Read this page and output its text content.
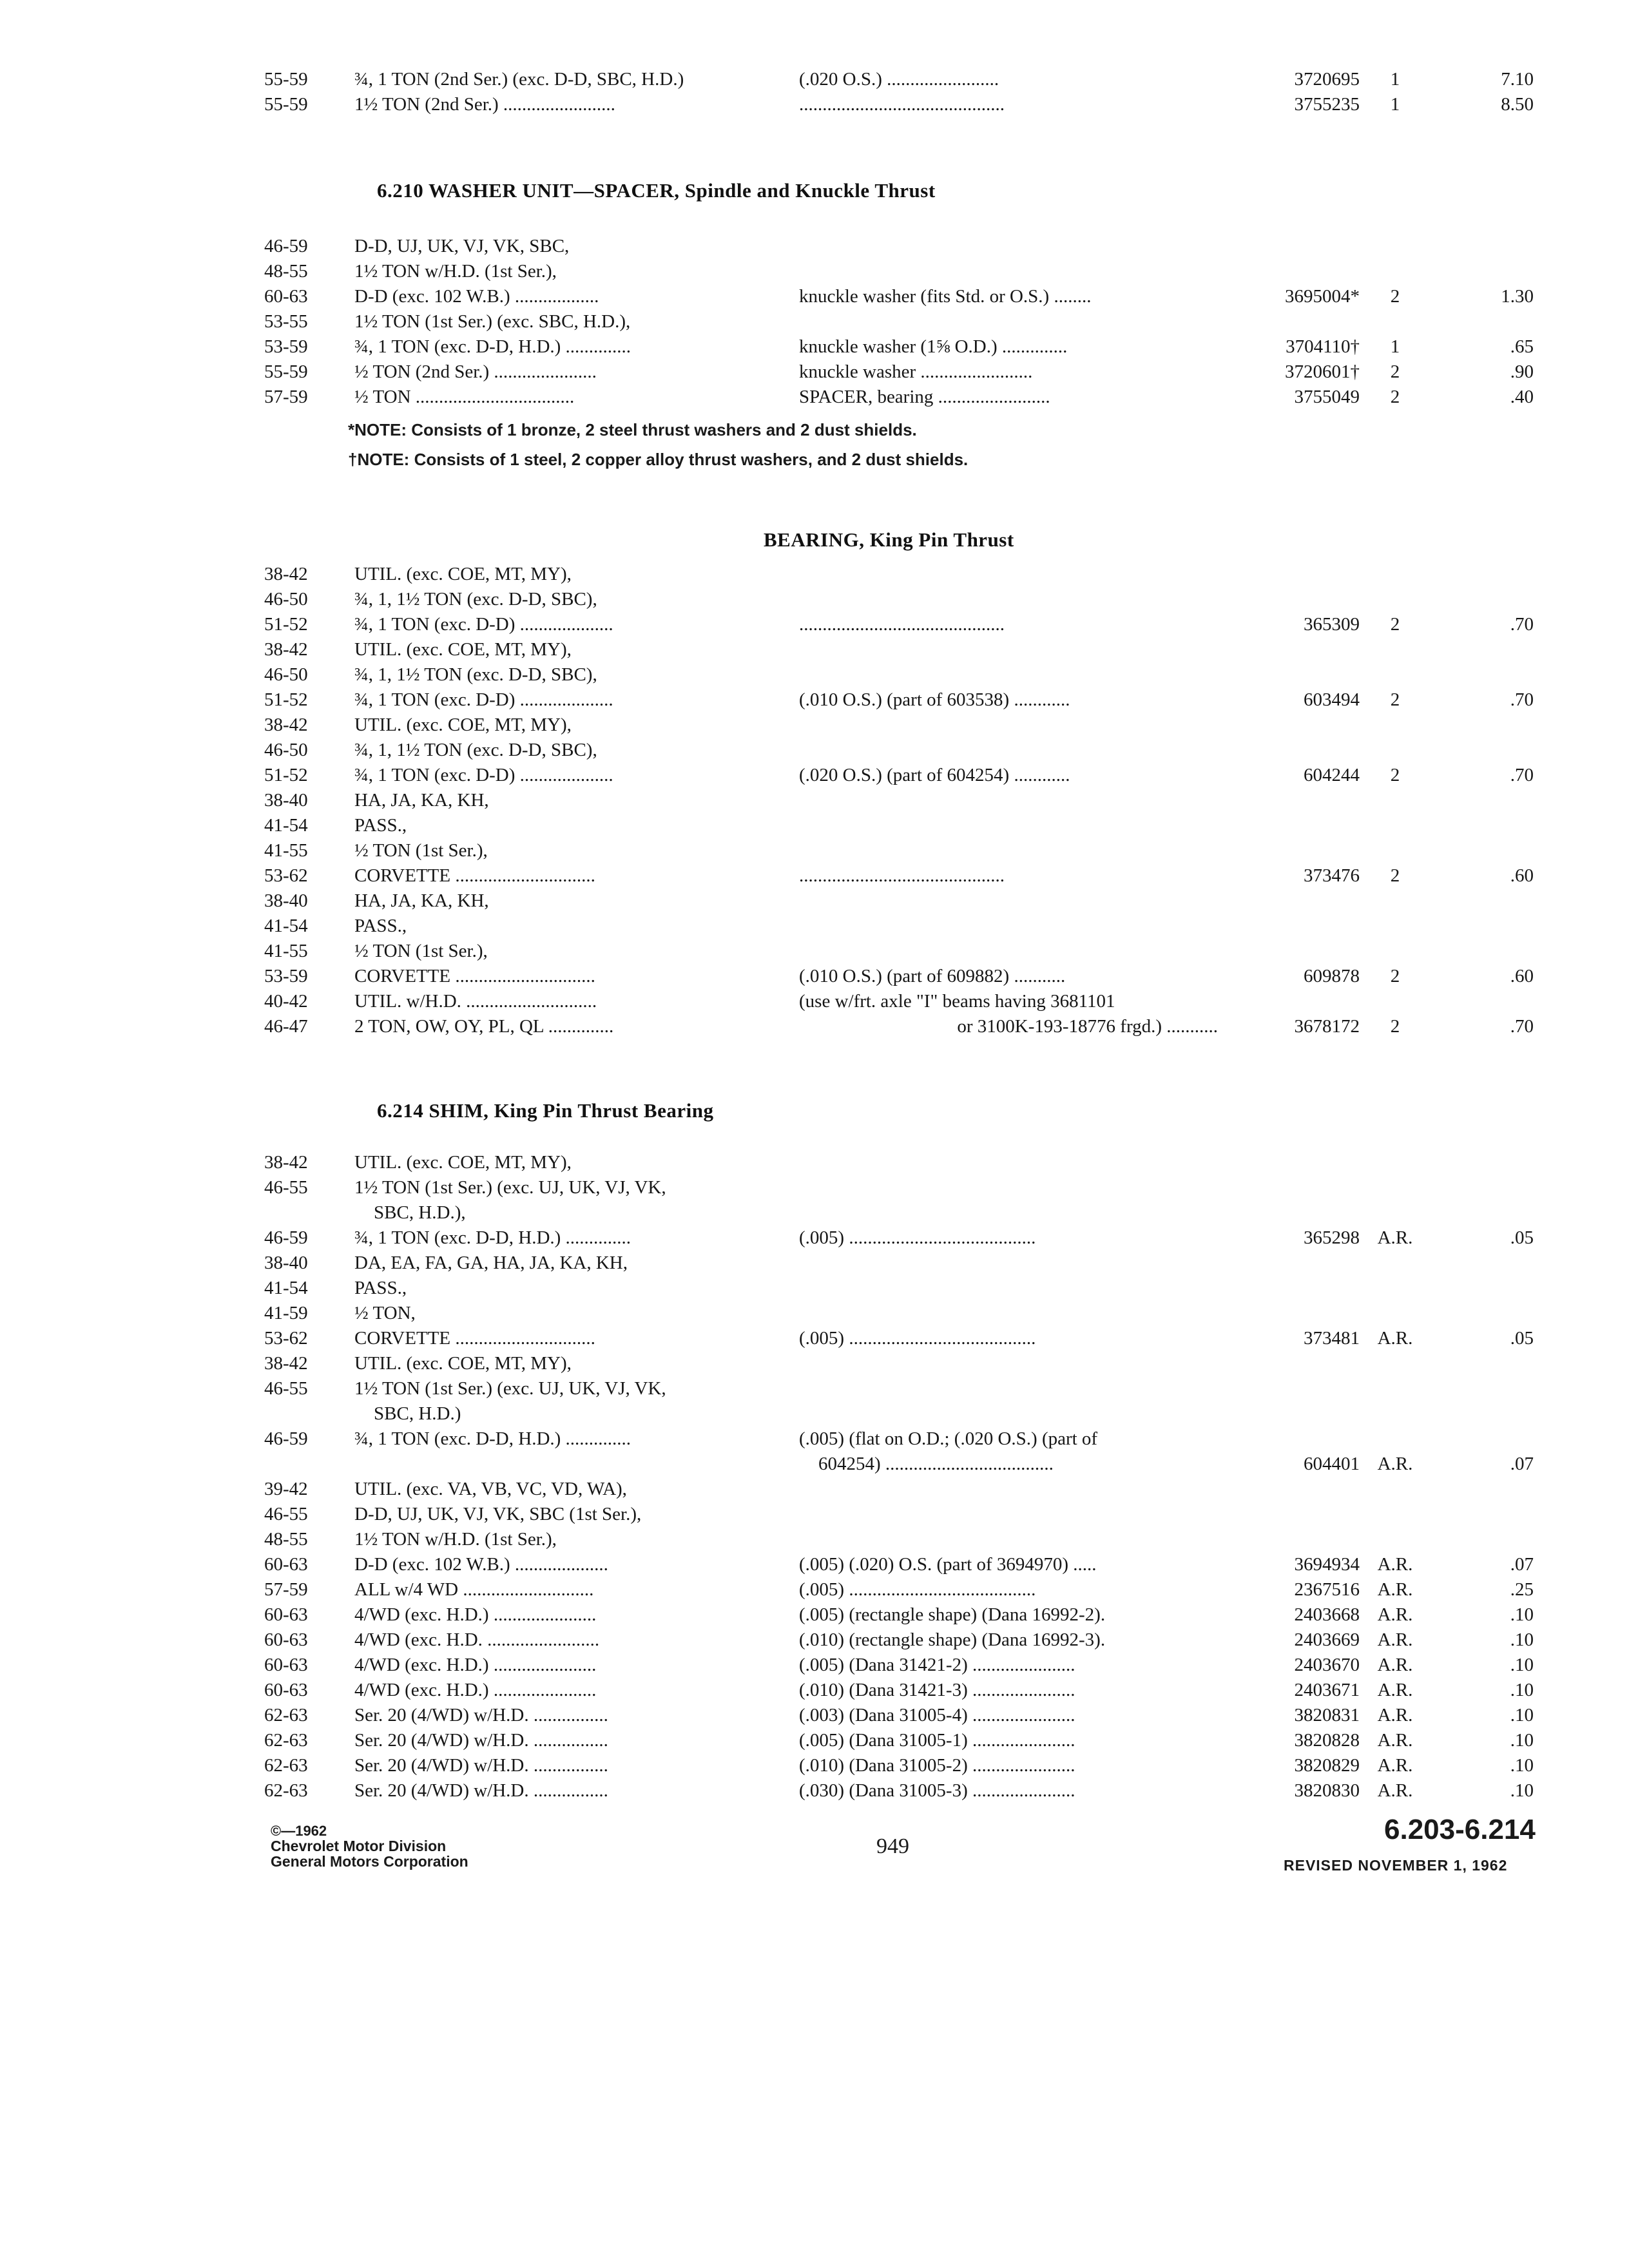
55-59	¾, 1 TON (2nd Ser.) (exc. D-D, SBC, H.D.)	(.020 O.S.) ........................	3720695	1	7.10
55-59	1½ TON (2nd Ser.) ........................	............................................	3755235	1	8.50
6.210 WASHER UNIT—SPACER, Spindle and Knuckle Thrust
46-59	D-D, UJ, UK, VJ, VK, SBC,
48-55	1½ TON w/H.D. (1st Ser.),
60-63	D-D (exc. 102 W.B.) ..................	knuckle washer (fits Std. or O.S.) ........	3695004*	2	1.30
53-55	1½ TON (1st Ser.) (exc. SBC, H.D.),
53-59	¾, 1 TON (exc. D-D, H.D.) ..............	knuckle washer (1⅝ O.D.) ..............	3704110†	1	.65
55-59	½ TON (2nd Ser.) ......................	knuckle washer ........................	3720601†	2	.90
57-59	½ TON ..................................	SPACER, bearing ........................	3755049	2	.40
*NOTE: Consists of 1 bronze, 2 steel thrust washers and 2 dust shields.
†NOTE: Consists of 1 steel, 2 copper alloy thrust washers, and 2 dust shields.
BEARING, King Pin Thrust
38-42	UTIL. (exc. COE, MT, MY),
46-50	¾, 1, 1½ TON (exc. D-D, SBC),
51-52	¾, 1 TON (exc. D-D) ....................	............................................	365309	2	.70
38-42	UTIL. (exc. COE, MT, MY),
46-50	¾, 1, 1½ TON (exc. D-D, SBC),
51-52	¾, 1 TON (exc. D-D) ....................	(.010 O.S.) (part of 603538) ............	603494	2	.70
38-42	UTIL. (exc. COE, MT, MY),
46-50	¾, 1, 1½ TON (exc. D-D, SBC),
51-52	¾, 1 TON (exc. D-D) ....................	(.020 O.S.) (part of 604254) ............	604244	2	.70
38-40	HA, JA, KA, KH,
41-54	PASS.,
41-55	½ TON (1st Ser.),
53-62	CORVETTE ..............................	............................................	373476	2	.60
38-40	HA, JA, KA, KH,
41-54	PASS.,
41-55	½ TON (1st Ser.),
53-59	CORVETTE ..............................	(.010 O.S.) (part of 609882) ...........	609878	2	.60
40-42	UTIL. w/H.D. ............................	(use w/frt. axle "I" beams having 3681101
46-47	2 TON, OW, OY, PL, QL ..............	or 3100K-193-18776 frgd.) ...........	3678172	2	.70
6.214 SHIM, King Pin Thrust Bearing
38-42	UTIL. (exc. COE, MT, MY),
46-55	1½ TON (1st Ser.) (exc. UJ, UK, VJ, VK,
SBC, H.D.),
46-59	¾, 1 TON (exc. D-D, H.D.) ..............	(.005) ........................................	365298 A.R.	.05
38-40	DA, EA, FA, GA, HA, JA, KA, KH,
41-54	PASS.,
41-59	½ TON,
53-62	CORVETTE ..............................	(.005) ........................................	373481 A.R.	.05
38-42	UTIL. (exc. COE, MT, MY),
46-55	1½ TON (1st Ser.) (exc. UJ, UK, VJ, VK,
SBC, H.D.)
46-59	¾, 1 TON (exc. D-D, H.D.) ..............	(.005) (flat on O.D.; (.020 O.S.) (part of
604254) ....................................	604401 A.R.	.07
39-42	UTIL. (exc. VA, VB, VC, VD, WA),
46-55	D-D, UJ, UK, VJ, VK, SBC (1st Ser.),
48-55	1½ TON w/H.D. (1st Ser.),
60-63	D-D (exc. 102 W.B.) ....................	(.005) (.020) O.S. (part of 3694970) .....	3694934 A.R.	.07
57-59	ALL w/4 WD ............................	(.005) ........................................	2367516 A.R.	.25
60-63	4/WD (exc. H.D.) ......................	(.005) (rectangle shape) (Dana 16992-2).	2403668 A.R.	.10
60-63	4/WD (exc. H.D. ........................	(.010) (rectangle shape) (Dana 16992-3).	2403669 A.R.	.10
60-63	4/WD (exc. H.D.) ......................	(.005) (Dana 31421-2) ......................	2403670 A.R.	.10
60-63	4/WD (exc. H.D.) ......................	(.010) (Dana 31421-3) ......................	2403671 A.R.	.10
62-63	Ser. 20 (4/WD) w/H.D. ................	(.003) (Dana 31005-4) ......................	3820831 A.R.	.10
62-63	Ser. 20 (4/WD) w/H.D. ................	(.005) (Dana 31005-1) ......................	3820828 A.R.	.10
62-63	Ser. 20 (4/WD) w/H.D. ................	(.010) (Dana 31005-2) ......................	3820829 A.R.	.10
62-63	Ser. 20 (4/WD) w/H.D. ................	(.030) (Dana 31005-3) ......................	3820830 A.R.	.10
©—1962
Chevrolet Motor Division
General Motors Corporation
949
6.203-6.214
REVISED NOVEMBER 1, 1962
